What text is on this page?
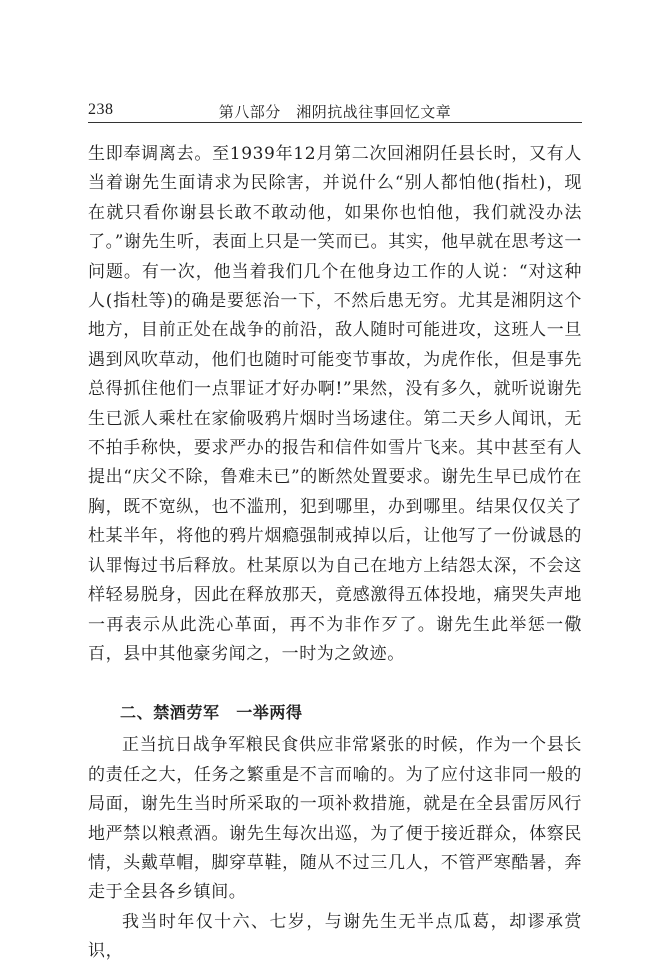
238	第八部分　湘阴抗战往事回忆文章

生即奉调离去。至1939年12月第二次回湘阴任县长时，又有人当着谢先生面请求为民除害，并说什么“别人都怕他(指杜)，现在就只看你谢县长敢不敢动他，如果你也怕他，我们就没办法了。”谢先生听，表面上只是一笑而已。其实，他早就在思考这一问题。有一次，他当着我们几个在他身边工作的人说：“对这种人(指杜等)的确是要惩治一下，不然后患无穷。尤其是湘阴这个地方，目前正处在战争的前沿，敌人随时可能进攻，这班人一旦遇到风吹草动，他们也随时可能变节事故，为虎作伥，但是事先总得抓住他们一点罪证才好办啊!”果然，没有多久，就听说谢先生已派人乘杜在家偷吸鸦片烟时当场逮住。第二天乡人闻讯，无不拍手称快，要求严办的报告和信件如雪片飞来。其中甚至有人提出“庆父不除，鲁难未已”的断然处置要求。谢先生早已成竹在胸，既不宽纵，也不滥刑，犯到哪里，办到哪里。结果仅仅关了杜某半年，将他的鸦片烟瘾强制戒掉以后，让他写了一份诚恳的认罪悔过书后释放。杜某原以为自己在地方上结怨太深，不会这样轻易脱身，因此在释放那天，竟感激得五体投地，痛哭失声地一再表示从此洗心革面，再不为非作歹了。谢先生此举惩一儆百，县中其他豪劣闻之，一时为之敛迹。

二、禁酒劳军　一举两得

正当抗日战争军粮民食供应非常紧张的时候，作为一个县长的责任之大，任务之繁重是不言而喻的。为了应付这非同一般的局面，谢先生当时所采取的一项补救措施，就是在全县雷厉风行地严禁以粮煮酒。谢先生每次出巡，为了便于接近群众，体察民情，头戴草帽，脚穿草鞋，随从不过三几人，不管严寒酷暑，奔走于全县各乡镇间。

我当时年仅十六、七岁，与谢先生无半点瓜葛，却谬承赏识，
